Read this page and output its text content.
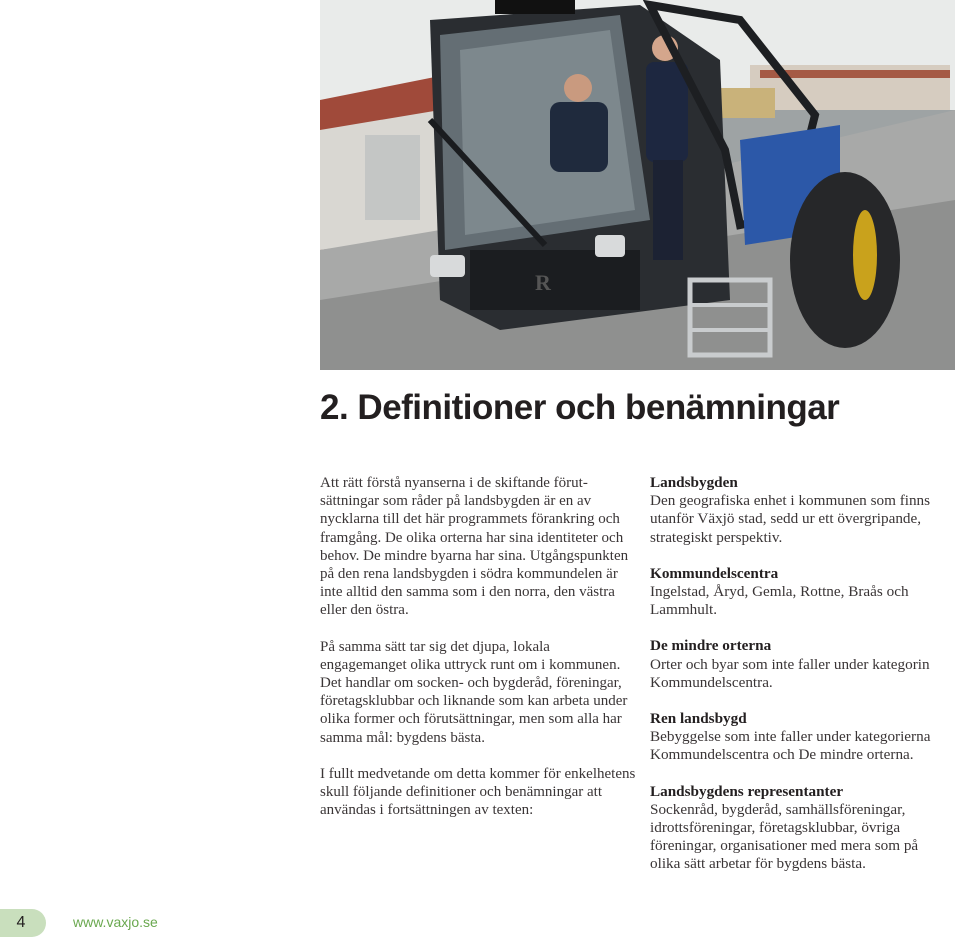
R
2. Definitioner och benämningar

Att rätt förstå nyanserna i de skiftande förutsättningar som råder på landsbygden är en av nycklarna till det här programmets förankring och framgång. De olika orterna har sina identiteter och behov. De mindre byarna har sina. Utgångspunkten på den rena landsbygden i södra kommundelen är inte alltid den samma som i den norra, den västra eller den östra.

På samma sätt tar sig det djupa, lokala engagemanget olika uttryck runt om i kommunen. Det handlar om socken- och bygderåd, föreningar, företagsklubbar och liknande som kan arbeta under olika former och förutsättningar, men som alla har samma mål: bygdens bästa.

I fullt medvetande om detta kommer för enkelhetens skull följande definitioner och benämningar att användas i fortsättningen av texten:

Landsbygden
Den geografiska enhet i kommunen som finns utanför Växjö stad, sedd ur ett övergripande, strategiskt perspektiv.
Kommundelscentra
Ingelstad, Åryd, Gemla, Rottne, Braås och Lammhult.
De mindre orterna
Orter och byar som inte faller under kategorin Kommundelscentra.
Ren landsbygd
Bebyggelse som inte faller under kategorierna Kommundelscentra och De mindre orterna.
Landsbygdens representanter
Sockenråd, bygderåd, samhällsföreningar, idrottsföreningar, företagsklubbar, övriga föreningar, organisationer med mera som på olika sätt arbetar för bygdens bästa.
4	www.vaxjo.se
